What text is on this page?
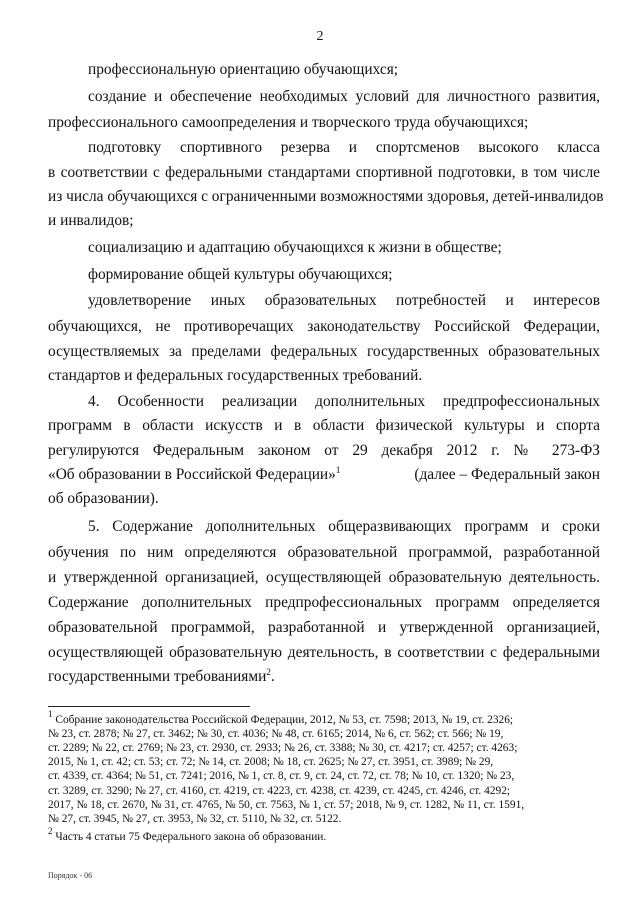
2
профессиональную ориентацию обучающихся;
создание и обеспечение необходимых условий для личностного развития,
профессионального самоопределения и творческого труда обучающихся;
подготовку спортивного резерва и спортсменов высокого класса
в соответствии с федеральными стандартами спортивной подготовки, в том числе
из числа обучающихся с ограниченными возможностями здоровья, детей-инвалидов
и инвалидов;
социализацию и адаптацию обучающихся к жизни в обществе;
формирование общей культуры обучающихся;
удовлетворение иных образовательных потребностей и интересов
обучающихся, не противоречащих законодательству Российской Федерации,
осуществляемых за пределами федеральных государственных образовательных
стандартов и федеральных государственных требований.
4. Особенности реализации дополнительных предпрофессиональных
программ в области искусств и в области физической культуры и спорта
регулируются Федеральным законом от 29 декабря 2012 г. № 273-ФЗ
«Об образовании в Российской Федерации»$^1$	(далее – Федеральный закон
об образовании).
5. Содержание дополнительных общеразвивающих программ и сроки
обучения по ним определяются образовательной программой, разработанной
и утвержденной организацией, осуществляющей образовательную деятельность.
Содержание дополнительных предпрофессиональных программ определяется
образовательной программой, разработанной и утвержденной организацией,
осуществляющей образовательную деятельность, в соответствии с федеральными
государственными требованиями$^2$.
$^1$ Собрание законодательства Российской Федерации, 2012, № 53, ст. 7598; 2013, № 19, ст. 2326;
№ 23, ст. 2878; № 27, ст. 3462; № 30, ст. 4036; № 48, ст. 6165; 2014, № 6, ст. 562; ст. 566; № 19,
ст. 2289; № 22, ст. 2769; № 23, ст. 2930, ст. 2933; № 26, ст. 3388; № 30, ст. 4217; ст. 4257; ст. 4263;
2015, № 1, ст. 42; ст. 53; ст. 72; № 14, ст. 2008; № 18, ст. 2625; № 27, ст. 3951, ст. 3989; № 29,
ст. 4339, ст. 4364; № 51, ст. 7241; 2016, № 1, ст. 8, ст. 9, ст. 24, ст. 72, ст. 78; № 10, ст. 1320; № 23,
ст. 3289, ст. 3290; № 27, ст. 4160, ст. 4219, ст. 4223, ст. 4238, ст. 4239, ст. 4245, ст. 4246, ст. 4292;
2017, № 18, ст. 2670, № 31, ст. 4765, № 50, ст. 7563, № 1, ст. 57; 2018, № 9, ст. 1282, № 11, ст. 1591,
№ 27, ст. 3945, № 27, ст. 3953, № 32, ст. 5110, № 32, ст. 5122.
$^2$ Часть 4 статьи 75 Федерального закона об образовании.
Порядок - 06
